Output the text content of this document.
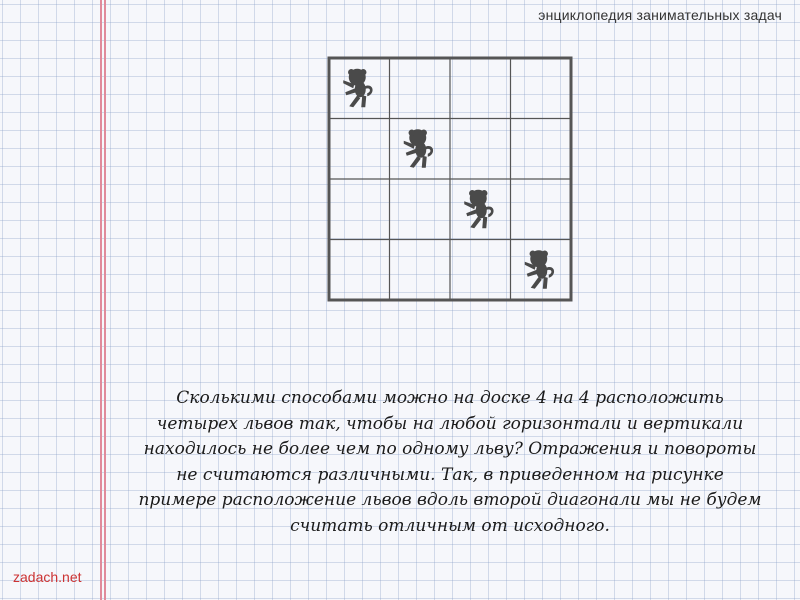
энциклопедия занимательных задач
Сколькими способами можно на доске 4 на 4 расположить
четырех львов так, чтобы на любой горизонтали и вертикали
находилось не более чем по одному льву? Отражения и повороты
не считаются различными. Так, в приведенном на рисунке
примере расположение львов вдоль второй диагонали мы не будем
считать отличным от исходного.
zadach.net
